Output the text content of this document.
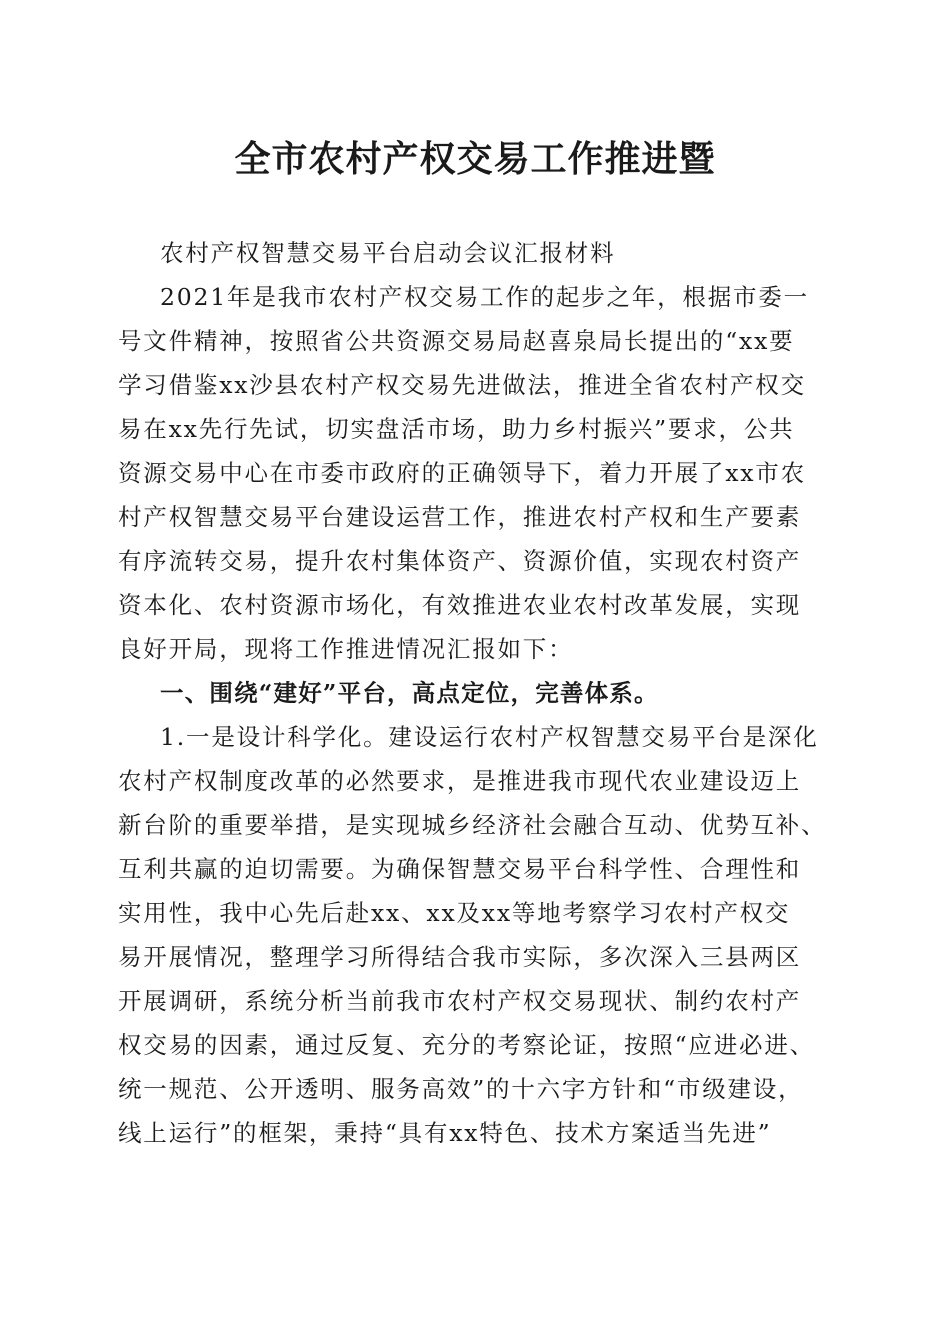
全市农村产权交易工作推进暨
农村产权智慧交易平台启动会议汇报材料
2021年是我市农村产权交易工作的起步之年，根据市委一
号文件精神，按照省公共资源交易局赵喜泉局长提出的“xx要
学习借鉴xx沙县农村产权交易先进做法，推进全省农村产权交
易在xx先行先试，切实盘活市场，助力乡村振兴”要求，公共
资源交易中心在市委市政府的正确领导下，着力开展了xx市农
村产权智慧交易平台建设运营工作，推进农村产权和生产要素
有序流转交易，提升农村集体资产、资源价值，实现农村资产
资本化、农村资源市场化，有效推进农业农村改革发展，实现
良好开局，现将工作推进情况汇报如下：
一、围绕“建好”平台，高点定位，完善体系。
1.一是设计科学化。建设运行农村产权智慧交易平台是深化
农村产权制度改革的必然要求，是推进我市现代农业建设迈上
新台阶的重要举措，是实现城乡经济社会融合互动、优势互补、
互利共赢的迫切需要。为确保智慧交易平台科学性、合理性和
实用性，我中心先后赴xx、xx及xx等地考察学习农村产权交
易开展情况，整理学习所得结合我市实际，多次深入三县两区
开展调研，系统分析当前我市农村产权交易现状、制约农村产
权交易的因素，通过反复、充分的考察论证，按照“应进必进、
统一规范、公开透明、服务高效”的十六字方针和“市级建设，
线上运行”的框架，秉持“具有xx特色、技术方案适当先进”
